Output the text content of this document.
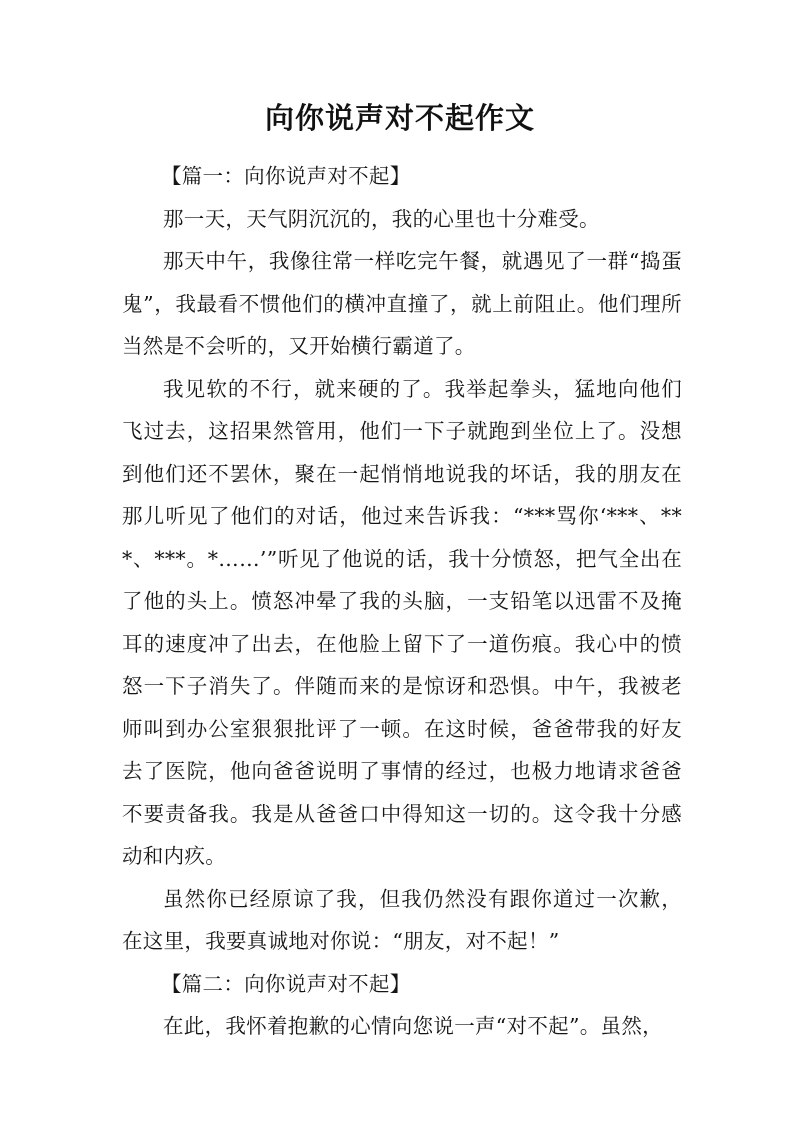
向你说声对不起作文

【篇一：向你说声对不起】

那一天，天气阴沉沉的，我的心里也十分难受。

那天中午，我像往常一样吃完午餐，就遇见了一群“捣蛋鬼”，我最看不惯他们的横冲直撞了，就上前阻止。他们理所当然是不会听的，又开始横行霸道了。

我见软的不行，就来硬的了。我举起拳头，猛地向他们飞过去，这招果然管用，他们一下子就跑到坐位上了。没想到他们还不罢休，聚在一起悄悄地说我的坏话，我的朋友在那儿听见了他们的对话，他过来告诉我：“***骂你‘***、***、***。*……’”听见了他说的话，我十分愤怒，把气全出在了他的头上。愤怒冲晕了我的头脑，一支铅笔以迅雷不及掩耳的速度冲了出去，在他脸上留下了一道伤痕。我心中的愤怒一下子消失了。伴随而来的是惊讶和恐惧。中午，我被老师叫到办公室狠狠批评了一顿。在这时候，爸爸带我的好友去了医院，他向爸爸说明了事情的经过，也极力地请求爸爸不要责备我。我是从爸爸口中得知这一切的。这令我十分感动和内疚。

虽然你已经原谅了我，但我仍然没有跟你道过一次歉，在这里，我要真诚地对你说：“朋友，对不起！”

【篇二：向你说声对不起】

在此，我怀着抱歉的心情向您说一声“对不起”。虽然，
